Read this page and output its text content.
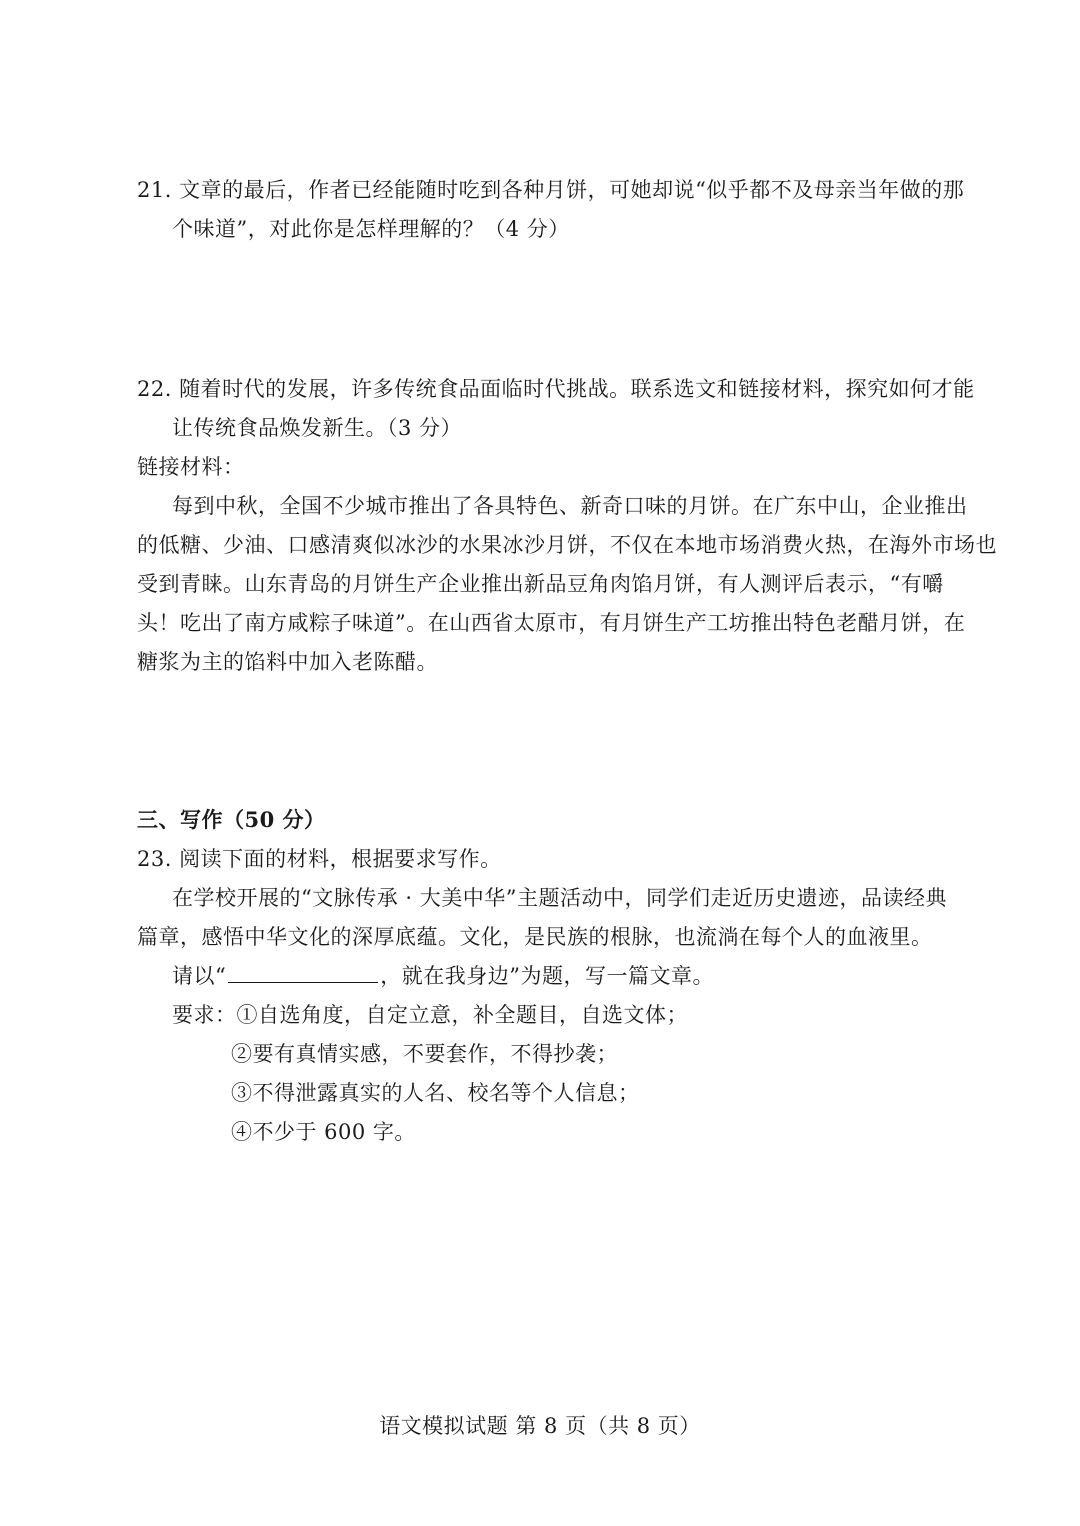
21. 文章的最后，作者已经能随时吃到各种月饼，可她却说“似乎都不及母亲当年做的那
个味道”，对此你是怎样理解的？（4 分）
22. 随着时代的发展，许多传统食品面临时代挑战。联系选文和链接材料，探究如何才能
让传统食品焕发新生。（3 分）
链接材料：
每到中秋，全国不少城市推出了各具特色、新奇口味的月饼。在广东中山，企业推出
的低糖、少油、口感清爽似冰沙的水果冰沙月饼，不仅在本地市场消费火热，在海外市场也
受到青睐。山东青岛的月饼生产企业推出新品豆角肉馅月饼，有人测评后表示，“有嚼
头！吃出了南方咸粽子味道”。在山西省太原市，有月饼生产工坊推出特色老醋月饼，在
糖浆为主的馅料中加入老陈醋。
三、写作（50 分）
23. 阅读下面的材料，根据要求写作。
在学校开展的“文脉传承 · 大美中华”主题活动中，同学们走近历史遗迹，品读经典
篇章，感悟中华文化的深厚底蕴。文化，是民族的根脉，也流淌在每个人的血液里。
请以“	，就在我身边”为题，写一篇文章。
要求：①自选角度，自定立意，补全题目，自选文体；
②要有真情实感，不要套作，不得抄袭；
③不得泄露真实的人名、校名等个人信息；
④不少于 600 字。
语文模拟试题 第 8 页（共 8 页）
